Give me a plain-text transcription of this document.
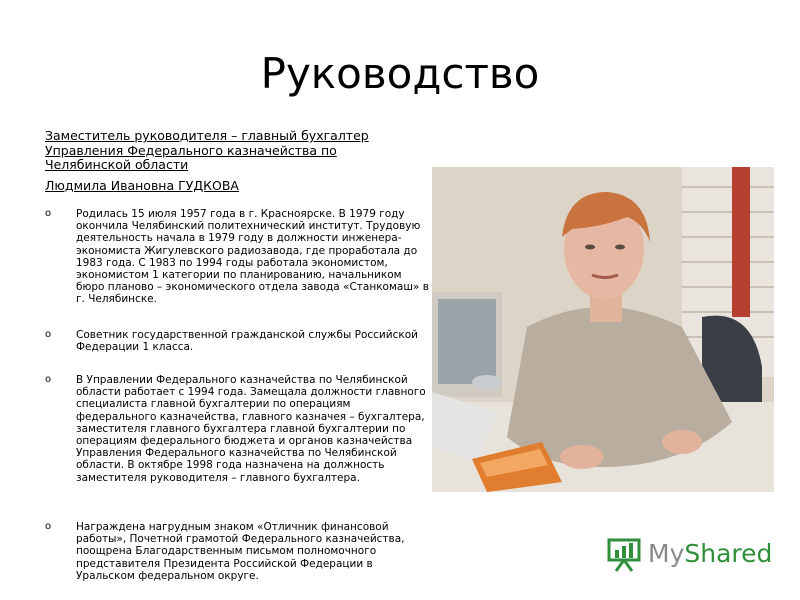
Руководство
Заместитель руководителя – главный бухгалтер Управления Федерального казначейства по Челябинской области
Людмила Ивановна ГУДКОВА
o Родилась 15 июля 1957 года в г. Красноярске. В 1979 году окончила Челябинский политехнический институт. Трудовую деятельность начала в 1979 году в должности инженера-экономиста Жигулевского радиозавода, где проработала до 1983 года. С 1983 по 1994 годы работала экономистом, экономистом 1 категории по планированию, начальником бюро планово – экономического отдела завода «Станкомаш» в г. Челябинске.
o Советник государственной гражданской службы Российской Федерации 1 класса.
o В Управлении Федерального казначейства по Челябинской области работает с 1994 года. Замещала должности главного специалиста главной бухгалтерии по операциям федерального казначейства, главного казначея – бухгалтера, заместителя главного бухгалтера главной бухгалтерии по операциям федерального бюджета и органов казначейства Управления Федерального казначейства по Челябинской области. В октябре 1998 года назначена на должность заместителя руководителя – главного бухгалтера.
o Награждена нагрудным знаком «Отличник финансовой работы», Почетной грамотой Федерального казначейства, поощрена Благодарственным письмом полномочного представителя Президента Российской Федерации в Уральском федеральном округе.
MyShared
